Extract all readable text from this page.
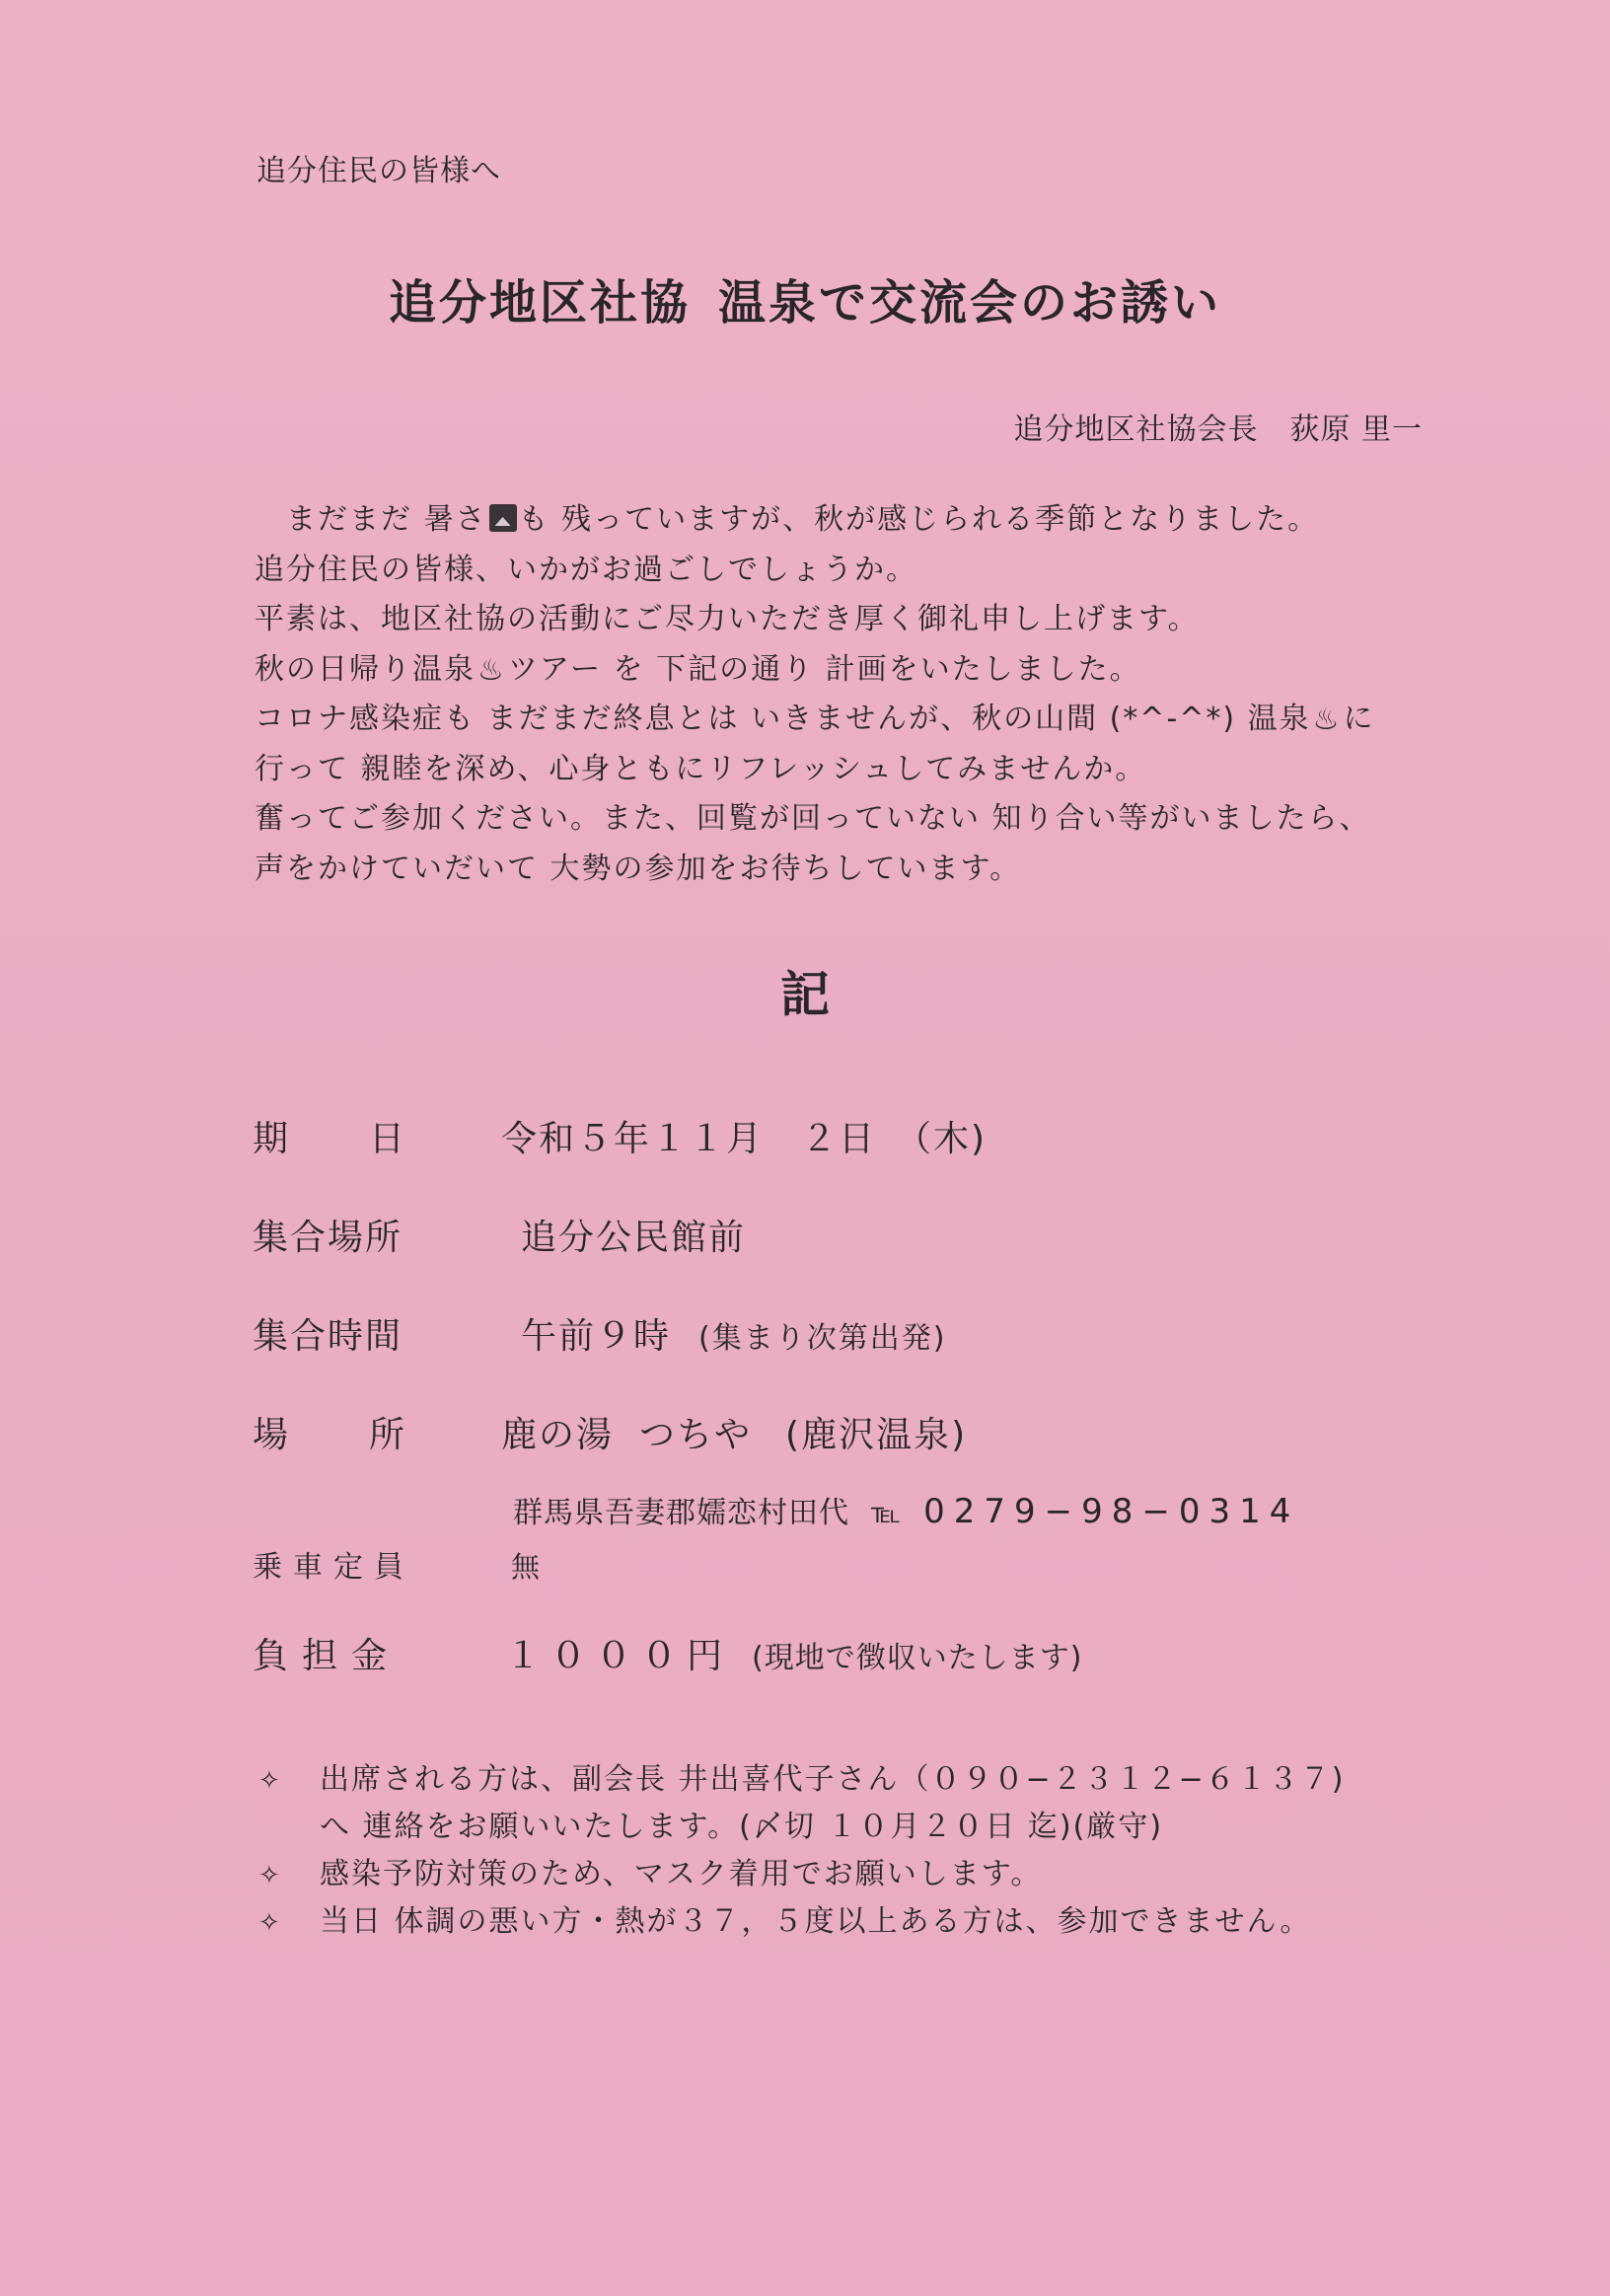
追分住民の皆様へ
追分地区社協 温泉で交流会のお誘い
追分地区社協会長 荻原 里一
まだまだ 暑さ も 残っていますが、秋が感じられる季節となりました。
追分住民の皆様、いかがお過ごしでしょうか。
平素は、地区社協の活動にご尽力いただき厚く御礼申し上げます。
秋の日帰り温泉♨ツアー を 下記の通り 計画をいたしました。
コロナ感染症も まだまだ終息とは いきませんが、秋の山間 (*^-^*) 温泉♨に
行って 親睦を深め、心身ともにリフレッシュしてみませんか。
奮ってご参加ください。また、回覧が回っていない 知り合い等がいましたら、
声をかけていだいて 大勢の参加をお待ちしています。
記
期 日	令和５年１１月　２日　（木)
集合場所	追分公民館前
集合時間	午前９時 (集まり次第出発)
場 所	鹿の湯 つちや (鹿沢温泉)
群馬県吾妻郡嬬恋村田代 ℡ 0279−98−0314
乗車定員	無
負担金	１０００円 (現地で徴収いたします)
✧ 出席される方は、副会長 井出喜代子さん（０９０−２３１２−６１３７)
へ 連絡をお願いいたします。(〆切 １０月２０日 迄)(厳守)
✧ 感染予防対策のため、マスク着用でお願いします。
✧ 当日 体調の悪い方・熱が３７，５度以上ある方は、参加できません。
